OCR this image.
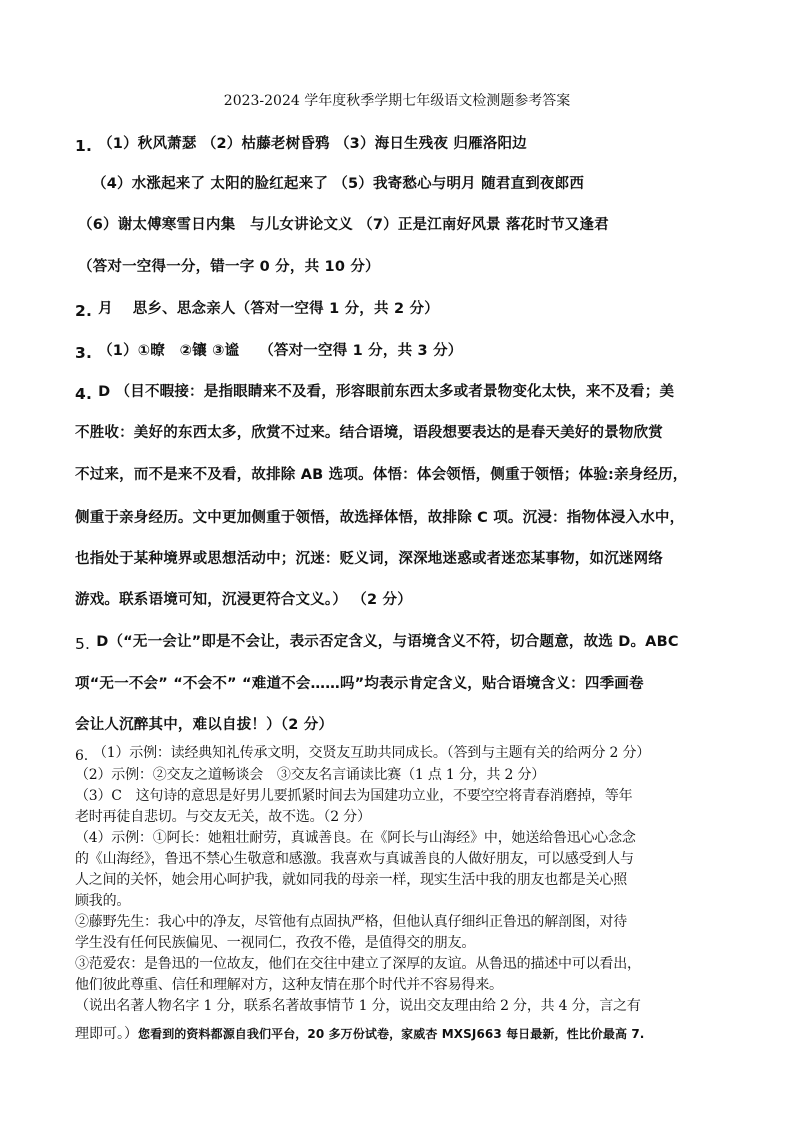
2023-2024 学年度秋季学期七年级语文检测题参考答案
1. （1）秋风萧瑟 （2）枯藤老树昏鸦 （3）海日生残夜 归雁洛阳边
（4）水涨起来了 太阳的脸红起来了 （5）我寄愁心与明月 随君直到夜郎西
（6）谢太傅寒雪日内集　与儿女讲论文义 （7）正是江南好风景 落花时节又逢君
（答对一空得一分，错一字 0 分，共 10 分）
2. 月　 思乡、思念亲人（答对一空得 1 分，共 2 分）
3. （1）①暸　②镶 ③谧　 （答对一空得 1 分，共 3 分）
4. D （目不暇接：是指眼睛来不及看，形容眼前东西太多或者景物变化太快，来不及看；美
不胜收：美好的东西太多，欣赏不过来。结合语境，语段想要表达的是春天美好的景物欣赏
不过来，而不是来不及看，故排除 AB 选项。体悟：体会领悟，侧重于领悟；体验:亲身经历，
侧重于亲身经历。文中更加侧重于领悟，故选择体悟，故排除 C 项。沉浸：指物体浸入水中，
也指处于某种境界或思想活动中；沉迷：贬义词，深深地迷惑或者迷恋某事物，如沉迷网络
游戏。联系语境可知，沉浸更符合文义。） （2 分）
5. D（“无一会让”即是不会让，表示否定含义，与语境含义不符，切合题意，故选 D。ABC
项“无一不会” “不会不” “难道不会……吗”均表示肯定含义，贴合语境含义：四季画卷
会让人沉醉其中，难以自拔！）（2 分）
6. （1）示例：读经典知礼传承文明，交贤友互助共同成长。（答到与主题有关的给两分 2 分）
（2）示例：②交友之道畅谈会　③交友名言诵读比赛（1 点 1 分，共 2 分）
（3）C　这句诗的意思是好男儿要抓紧时间去为国建功立业，不要空空将青春消磨掉，等年
老时再徒自悲切。与交友无关，故不选。（2 分）
（4）示例：①阿长：她粗壮耐劳，真诚善良。在《阿长与山海经》中，她送给鲁迅心心念念
的《山海经》，鲁迅不禁心生敬意和感激。我喜欢与真诚善良的人做好朋友，可以感受到人与
人之间的关怀，她会用心呵护我，就如同我的母亲一样，现实生活中我的朋友也都是关心照
顾我的。
②藤野先生：我心中的净友，尽管他有点固执严格，但他认真仔细纠正鲁迅的解剖图，对待
学生没有任何民族偏见、一视同仁，孜孜不倦，是值得交的朋友。
③范爱农：是鲁迅的一位故友，他们在交往中建立了深厚的友谊。从鲁迅的描述中可以看出，
他们彼此尊重、信任和理解对方，这种友情在那个时代并不容易得来。
（说出名著人物名字 1 分，联系名著故事情节 1 分，说出交友理由给 2 分，共 4 分，言之有
理即可。）您看到的资料都源自我们平台，20 多万份试卷，家威杏 MXSJ663 每日最新，性比价最高 7.
